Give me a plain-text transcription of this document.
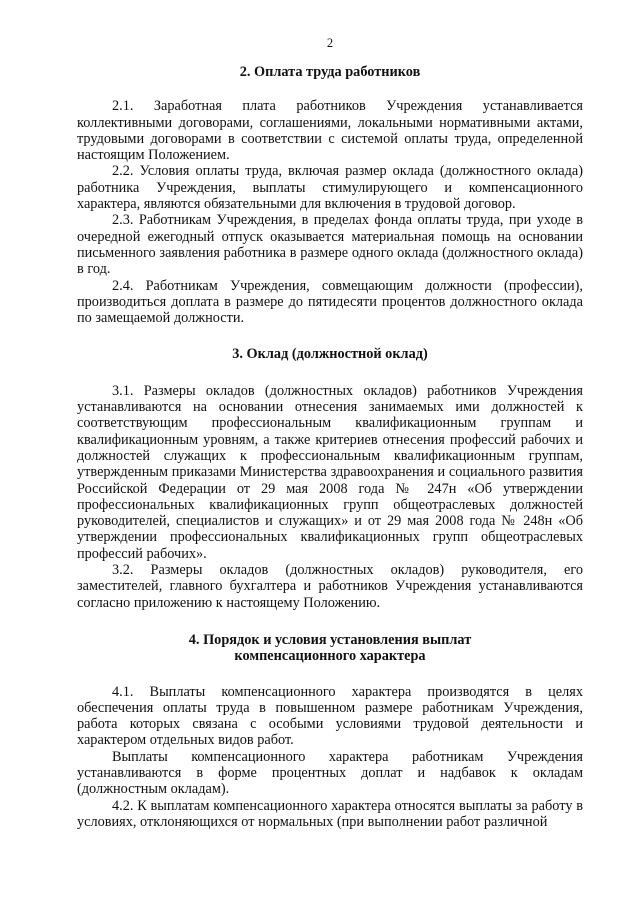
2

2. Оплата труда работников

2.1. Заработная плата работников Учреждения устанавливается коллективными договорами, соглашениями, локальными нормативными актами, трудовыми договорами в соответствии с системой оплаты труда, определенной настоящим Положением.

2.2. Условия оплаты труда, включая размер оклада (должностного оклада) работника Учреждения, выплаты стимулирующего и компенсационного характера, являются обязательными для включения в трудовой договор.

2.3. Работникам Учреждения, в пределах фонда оплаты труда, при уходе в очередной ежегодный отпуск оказывается материальная помощь на основании письменного заявления работника в размере одного оклада (должностного оклада) в год.

2.4. Работникам Учреждения, совмещающим должности (профессии), производиться доплата в размере до пятидесяти процентов должностного оклада по замещаемой должности.

3. Оклад (должностной оклад)

3.1. Размеры окладов (должностных окладов) работников Учреждения устанавливаются на основании отнесения занимаемых ими должностей к соответствующим профессиональным квалификационным группам и квалификационным уровням, а также критериев отнесения профессий рабочих и должностей служащих к профессиональным квалификационным группам, утвержденным приказами Министерства здравоохранения и социального развития Российской Федерации от 29 мая 2008 года № 247н «Об утверждении профессиональных квалификационных групп общеотраслевых должностей руководителей, специалистов и служащих» и от 29 мая 2008 года № 248н «Об утверждении профессиональных квалификационных групп общеотраслевых профессий рабочих».

3.2. Размеры окладов (должностных окладов) руководителя, его заместителей, главного бухгалтера и работников Учреждения устанавливаются согласно приложению к настоящему Положению.

4. Порядок и условия установления выплат
компенсационного характера

4.1. Выплаты компенсационного характера производятся в целях обеспечения оплаты труда в повышенном размере работникам Учреждения, работа которых связана с особыми условиями трудовой деятельности и характером отдельных видов работ.

Выплаты компенсационного характера работникам Учреждения устанавливаются в форме процентных доплат и надбавок к окладам (должностным окладам).

4.2. К выплатам компенсационного характера относятся выплаты за работу в условиях, отклоняющихся от нормальных (при выполнении работ различной
